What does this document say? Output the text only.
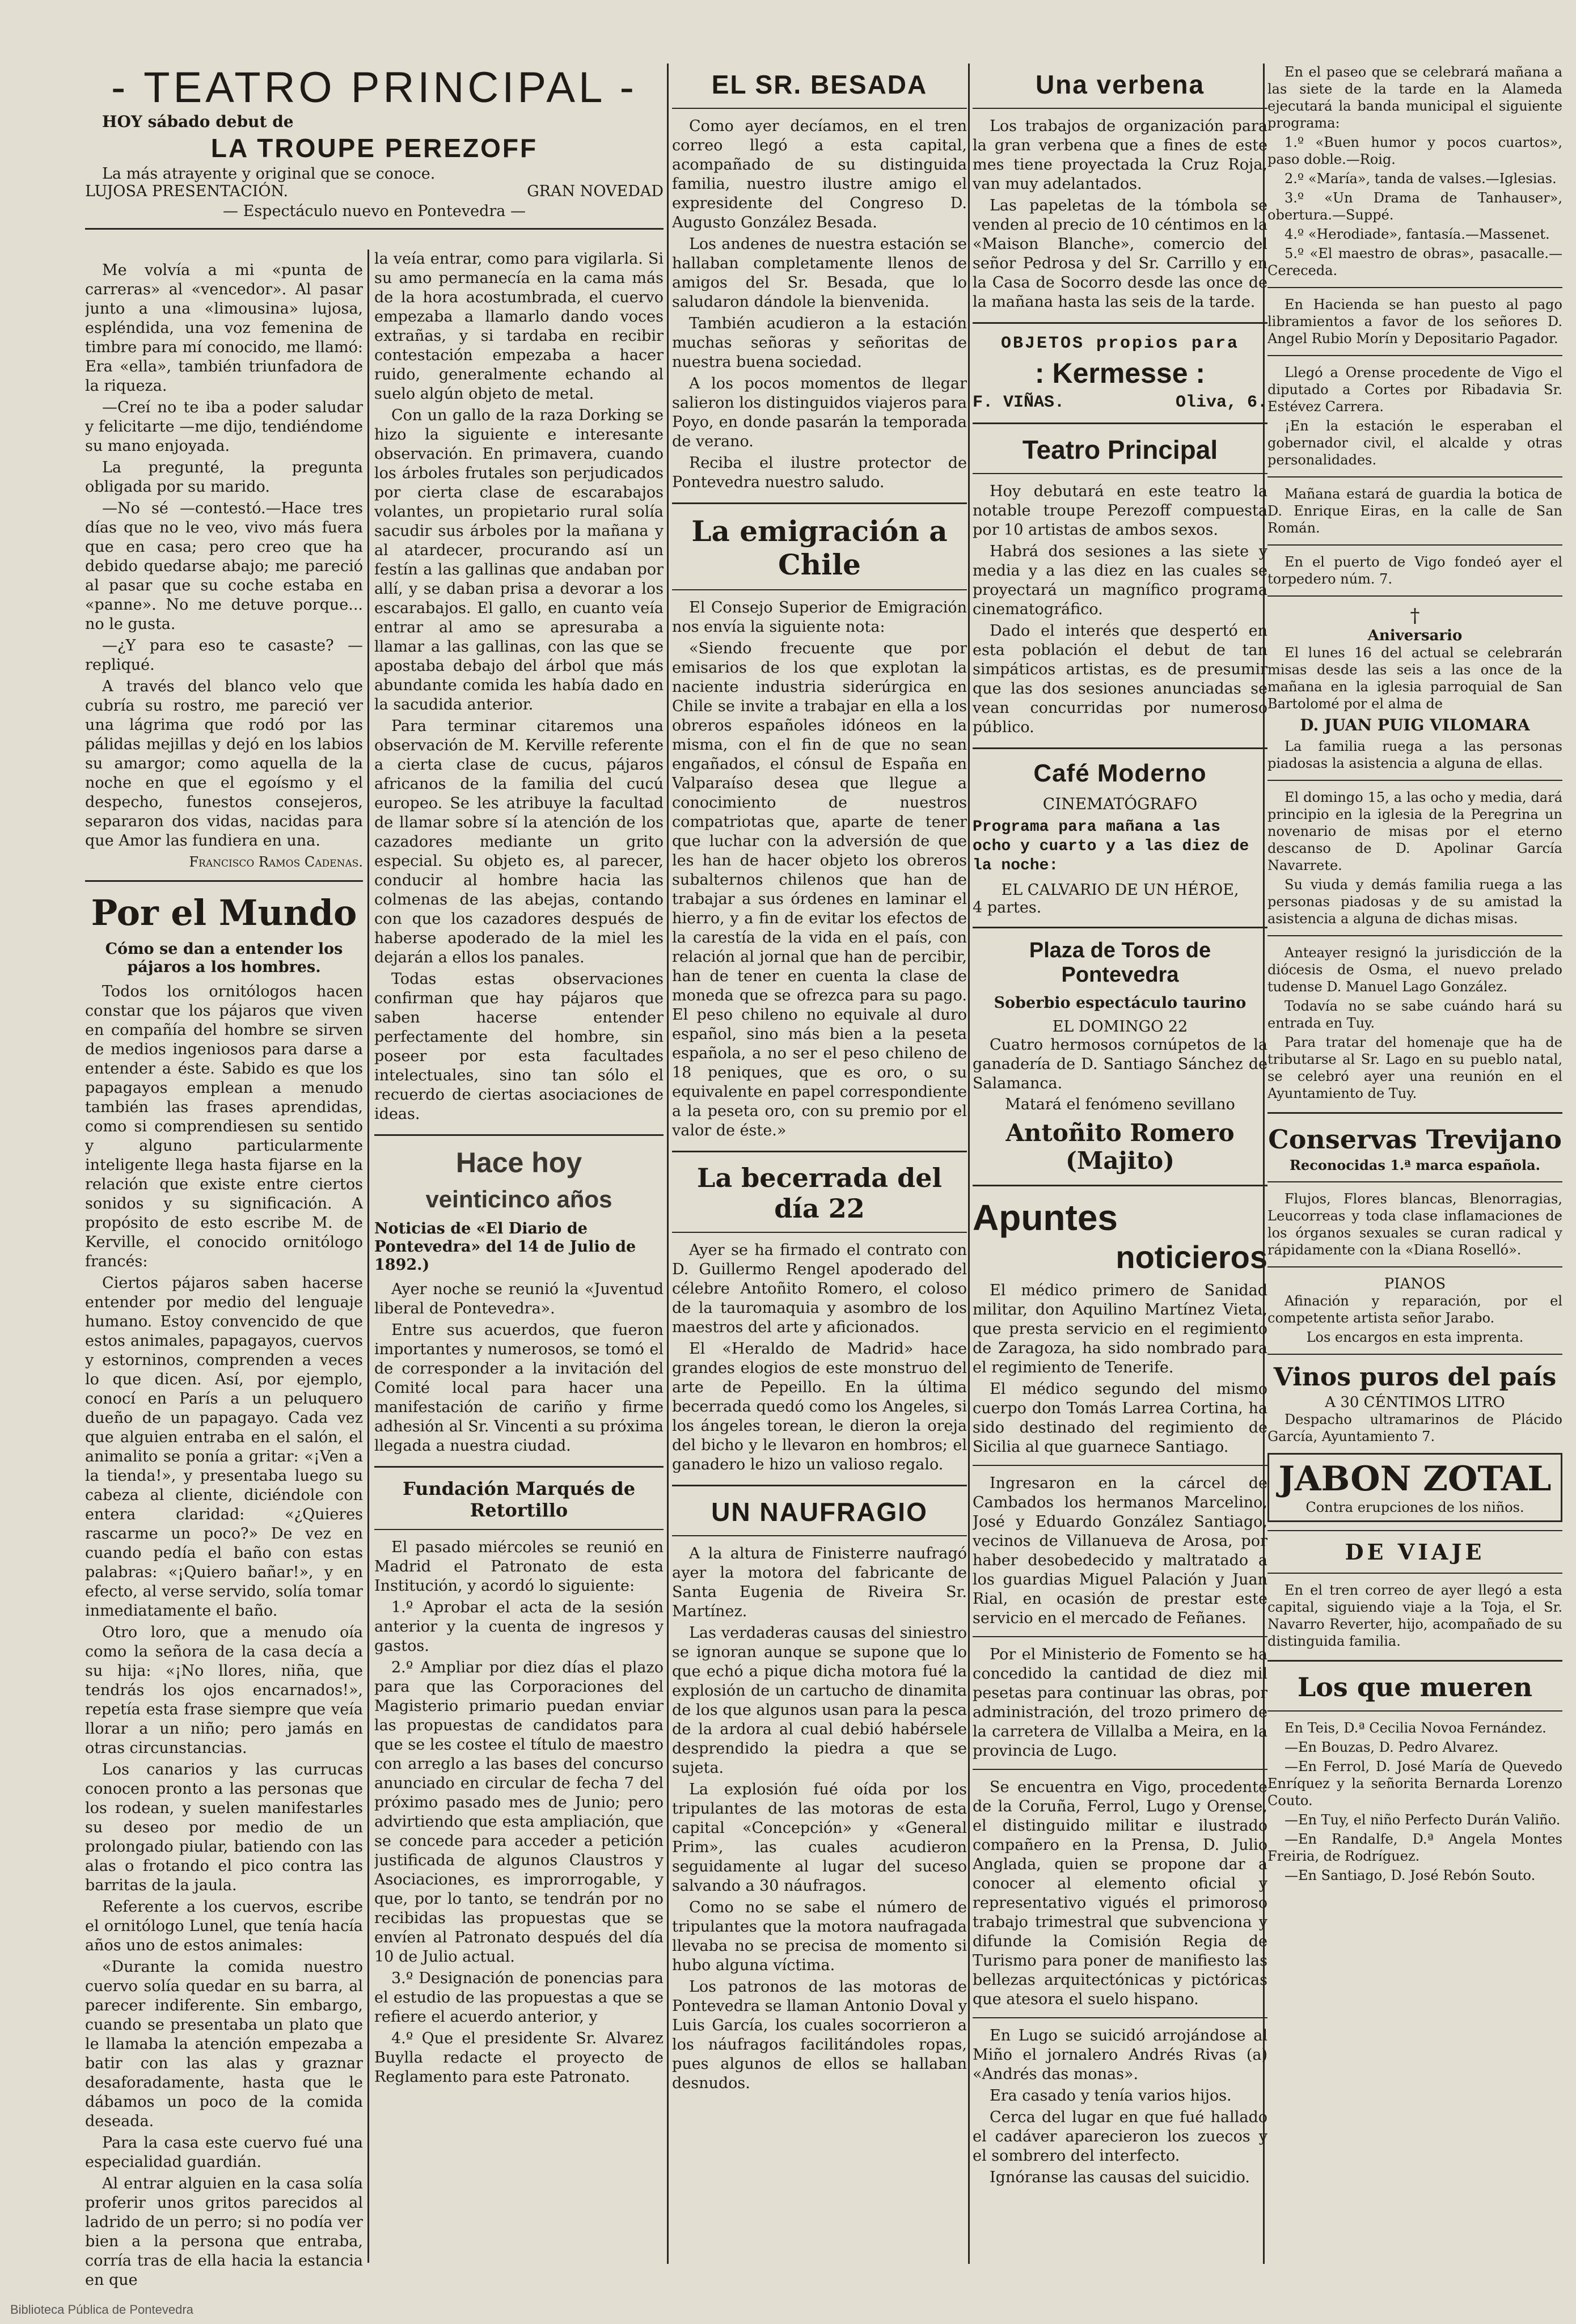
- TEATRO PRINCIPAL -
HOY sábado debut de
LA TROUPE PEREZOFF
La más atrayente y original que se conoce.
LUJOSA PRESENTACIÓN.	GRAN NOVEDAD
— Espectáculo nuevo en Pontevedra —

Me volvía a mi «punta de carreras» al «vencedor». Al pasar junto a una «limousina» lujosa, espléndida, una voz femenina de timbre para mí conocido, me llamó: Era «ella», también triunfadora de la riqueza.

—Creí no te iba a poder saludar y felicitarte —me dijo, tendiéndome su mano enjoyada.

La pregunté, la pregunta obligada por su marido.

—No sé —contestó.—Hace tres días que no le veo, vivo más fuera que en casa; pero creo que ha debido quedarse abajo; me pareció al pasar que su coche estaba en «panne». No me detuve porque... no le gusta.

—¿Y para eso te casaste? —repliqué.

A través del blanco velo que cubría su rostro, me pareció ver una lágrima que rodó por las pálidas mejillas y dejó en los labios su amargor; como aquella de la noche en que el egoísmo y el despecho, funestos consejeros, separaron dos vidas, nacidas para que Amor las fundiera en una.

Francisco Ramos Cadenas.
Por el Mundo
Cómo se dan a entender los pájaros a los hombres.

Todos los ornitólogos hacen constar que los pájaros que viven en compañía del hombre se sirven de medios ingeniosos para darse a entender a éste. Sabido es que los papagayos emplean a menudo también las frases aprendidas, como si comprendiesen su sentido y alguno particularmente inteligente llega hasta fijarse en la relación que existe entre ciertos sonidos y su significación. A propósito de esto escribe M. de Kerville, el conocido ornitólogo francés:

Ciertos pájaros saben hacerse entender por medio del lenguaje humano. Estoy convencido de que estos animales, papagayos, cuervos y estorninos, comprenden a veces lo que dicen. Así, por ejemplo, conocí en París a un peluquero dueño de un papagayo. Cada vez que alguien entraba en el salón, el animalito se ponía a gritar: «¡Ven a la tienda!», y presentaba luego su cabeza al cliente, diciéndole con entera claridad: «¿Quieres rascarme un poco?» De vez en cuando pedía el baño con estas palabras: «¡Quiero bañar!», y en efecto, al verse servido, solía tomar inmediatamente el baño.

Otro loro, que a menudo oía como la señora de la casa decía a su hija: «¡No llores, niña, que tendrás los ojos encarnados!», repetía esta frase siempre que veía llorar a un niño; pero jamás en otras circunstancias.

Los canarios y las currucas conocen pronto a las personas que los rodean, y suelen manifestarles su deseo por medio de un prolongado piular, batiendo con las alas o frotando el pico contra las barritas de la jaula.

Referente a los cuervos, escribe el ornitólogo Lunel, que tenía hacía años uno de estos animales:

«Durante la comida nuestro cuervo solía quedar en su barra, al parecer indiferente. Sin embargo, cuando se presentaba un plato que le llamaba la atención empezaba a batir con las alas y graznar desaforadamente, hasta que le dábamos un poco de la comida deseada.

Para la casa este cuervo fué una especialidad guardián.

Al entrar alguien en la casa solía proferir unos gritos parecidos al ladrido de un perro; si no podía ver bien a la persona que entraba, corría tras de ella hacia la estancia en que

la veía entrar, como para vigilarla. Si su amo permanecía en la cama más de la hora acostumbrada, el cuervo empezaba a llamarlo dando voces extrañas, y si tardaba en recibir contestación empezaba a hacer ruido, generalmente echando al suelo algún objeto de metal.

Con un gallo de la raza Dorking se hizo la siguiente e interesante observación. En primavera, cuando los árboles frutales son perjudicados por cierta clase de escarabajos volantes, un propietario rural solía sacudir sus árboles por la mañana y al atardecer, procurando así un festín a las gallinas que andaban por allí, y se daban prisa a devorar a los escarabajos. El gallo, en cuanto veía entrar al amo se apresuraba a llamar a las gallinas, con las que se apostaba debajo del árbol que más abundante comida les había dado en la sacudida anterior.

Para terminar citaremos una observación de M. Kerville referente a cierta clase de cucus, pájaros africanos de la familia del cucú europeo. Se les atribuye la facultad de llamar sobre sí la atención de los cazadores mediante un grito especial. Su objeto es, al parecer, conducir al hombre hacia las colmenas de las abejas, contando con que los cazadores después de haberse apoderado de la miel les dejarán a ellos los panales.

Todas estas observaciones confirman que hay pájaros que saben hacerse entender perfectamente del hombre, sin poseer por esta facultades intelectuales, sino tan sólo el recuerdo de ciertas asociaciones de ideas.

Hace hoy
veinticinco años
Noticias de «El Diario de Pontevedra» del 14 de Julio de 1892.)

Ayer noche se reunió la «Juventud liberal de Pontevedra».

Entre sus acuerdos, que fueron importantes y numerosos, se tomó el de corresponder a la invitación del Comité local para hacer una manifestación de cariño y firme adhesión al Sr. Vincenti a su próxima llegada a nuestra ciudad.

Fundación Marqués de Retortillo

El pasado miércoles se reunió en Madrid el Patronato de esta Institución, y acordó lo siguiente:

1.º Aprobar el acta de la sesión anterior y la cuenta de ingresos y gastos.

2.º Ampliar por diez días el plazo para que las Corporaciones del Magisterio primario puedan enviar las propuestas de candidatos para que se les costee el título de maestro con arreglo a las bases del concurso anunciado en circular de fecha 7 del próximo pasado mes de Junio; pero advirtiendo que esta ampliación, que se concede para acceder a petición justificada de algunos Claustros y Asociaciones, es improrrogable, y que, por lo tanto, se tendrán por no recibidas las propuestas que se envíen al Patronato después del día 10 de Julio actual.

3.º Designación de ponencias para el estudio de las propuestas a que se refiere el acuerdo anterior, y

4.º Que el presidente Sr. Alvarez Buylla redacte el proyecto de Reglamento para este Patronato.

EL SR. BESADA

Como ayer decíamos, en el tren correo llegó a esta capital, acompañado de su distinguida familia, nuestro ilustre amigo el expresidente del Congreso D. Augusto González Besada.

Los andenes de nuestra estación se hallaban completamente llenos de amigos del Sr. Besada, que lo saludaron dándole la bienvenida.

También acudieron a la estación muchas señoras y señoritas de nuestra buena sociedad.

A los pocos momentos de llegar salieron los distinguidos viajeros para Poyo, en donde pasarán la temporada de verano.

Reciba el ilustre protector de Pontevedra nuestro saludo.

La emigración a Chile

El Consejo Superior de Emigración nos envía la siguiente nota:

«Siendo frecuente que por emisarios de los que explotan la naciente industria siderúrgica en Chile se invite a trabajar en ella a los obreros españoles idóneos en la misma, con el fin de que no sean engañados, el cónsul de España en Valparaíso desea que llegue a conocimiento de nuestros compatriotas que, aparte de tener que luchar con la adversión de que les han de hacer objeto los obreros subalternos chilenos que han de trabajar a sus órdenes en laminar el hierro, y a fin de evitar los efectos de la carestía de la vida en el país, con relación al jornal que han de percibir, han de tener en cuenta la clase de moneda que se ofrezca para su pago. El peso chileno no equivale al duro español, sino más bien a la peseta española, a no ser el peso chileno de 18 peniques, que es oro, o su equivalente en papel correspondiente a la peseta oro, con su premio por el valor de éste.»

La becerrada del día 22

Ayer se ha firmado el contrato con D. Guillermo Rengel apoderado del célebre Antoñito Romero, el coloso de la tauromaquia y asombro de los maestros del arte y aficionados.

El «Heraldo de Madrid» hace grandes elogios de este monstruo del arte de Pepeillo. En la última becerrada quedó como los Angeles, si los ángeles torean, le dieron la oreja del bicho y le llevaron en hombros; el ganadero le hizo un valioso regalo.

UN NAUFRAGIO

A la altura de Finisterre naufragó ayer la motora del fabricante de Santa Eugenia de Riveira Sr. Martínez.

Las verdaderas causas del siniestro se ignoran aunque se supone que lo que echó a pique dicha motora fué la explosión de un cartucho de dinamita de los que algunos usan para la pesca de la ardora al cual debió habérsele desprendido la piedra a que se sujeta.

La explosión fué oída por los tripulantes de las motoras de esta capital «Concepción» y «General Prim», las cuales acudieron seguidamente al lugar del suceso salvando a 30 náufragos.

Como no se sabe el número de tripulantes que la motora naufragada llevaba no se precisa de momento si hubo alguna víctima.

Los patronos de las motoras de Pontevedra se llaman Antonio Doval y Luis García, los cuales socorrieron a los náufragos facilitándoles ropas, pues algunos de ellos se hallaban desnudos.

Una verbena

Los trabajos de organización para la gran verbena que a fines de este mes tiene proyectada la Cruz Roja, van muy adelantados.

Las papeletas de la tómbola se venden al precio de 10 céntimos en la «Maison Blanche», comercio del señor Pedrosa y del Sr. Carrillo y en la Casa de Socorro desde las once de la mañana hasta las seis de la tarde.

OBJETOS propios para
: Kermesse :
F. VIÑAS.	Oliva, 6.
Teatro Principal

Hoy debutará en este teatro la notable troupe Perezoff compuesta por 10 artistas de ambos sexos.

Habrá dos sesiones a las siete y media y a las diez en las cuales se proyectará un magnífico programa cinematográfico.

Dado el interés que despertó en esta población el debut de tan simpáticos artistas, es de presumir que las dos sesiones anunciadas se vean concurridas por numeroso público.

Café Moderno
CINEMATÓGRAFO
Programa para mañana a las ocho y cuarto y a las diez de la noche:
EL CALVARIO DE UN HÉROE,
4 partes.
Plaza de Toros de Pontevedra
Soberbio espectáculo taurino
EL DOMINGO 22

Cuatro hermosos cornúpetos de la ganadería de D. Santiago Sánchez de Salamanca.

Matará el fenómeno sevillano
Antoñito Romero (Majito)
Apuntes
noticieros

El médico primero de Sanidad militar, don Aquilino Martínez Vieta, que presta servicio en el regimiento de Zaragoza, ha sido nombrado para el regimiento de Tenerife.

El médico segundo del mismo cuerpo don Tomás Larrea Cortina, ha sido destinado del regimiento de Sicilia al que guarnece Santiago.

Ingresaron en la cárcel de Cambados los hermanos Marcelino, José y Eduardo González Santiago, vecinos de Villanueva de Arosa, por haber desobedecido y maltratado a los guardias Miguel Palación y Juan Rial, en ocasión de prestar este servicio en el mercado de Feñanes.

Por el Ministerio de Fomento se ha concedido la cantidad de diez mil pesetas para continuar las obras, por administración, del trozo primero de la carretera de Villalba a Meira, en la provincia de Lugo.

Se encuentra en Vigo, procedente de la Coruña, Ferrol, Lugo y Orense, el distinguido militar e ilustrado compañero en la Prensa, D. Julio Anglada, quien se propone dar a conocer al elemento oficial y representativo vigués el primoroso trabajo trimestral que subvenciona y difunde la Comisión Regia de Turismo para poner de manifiesto las bellezas arquitectónicas y pictóricas que atesora el suelo hispano.

En Lugo se suicidó arrojándose al Miño el jornalero Andrés Rivas (a) «Andrés das monas».

Era casado y tenía varios hijos.

Cerca del lugar en que fué hallado el cadáver aparecieron los zuecos y el sombrero del interfecto.

Ignóranse las causas del suicidio.

En el paseo que se celebrará mañana a las siete de la tarde en la Alameda ejecutará la banda municipal el siguiente programa:

1.º «Buen humor y pocos cuartos», paso doble.—Roig.

2.º «María», tanda de valses.—Iglesias.

3.º «Un Drama de Tanhauser», obertura.—Suppé.

4.º «Herodiade», fantasía.—Massenet.

5.º «El maestro de obras», pasacalle.—Cereceda.

En Hacienda se han puesto al pago libramientos a favor de los señores D. Angel Rubio Morín y Depositario Pagador.

Llegó a Orense procedente de Vigo el diputado a Cortes por Ribadavia Sr. Estévez Carrera.

¡En la estación le esperaban el gobernador civil, el alcalde y otras personalidades.

Mañana estará de guardia la botica de D. Enrique Eiras, en la calle de San Román.

En el puerto de Vigo fondeó ayer el torpedero núm. 7.

†
Aniversario

El lunes 16 del actual se celebrarán misas desde las seis a las once de la mañana en la iglesia parroquial de San Bartolomé por el alma de

D. JUAN PUIG VILOMARA

La familia ruega a las personas piadosas la asistencia a alguna de ellas.

El domingo 15, a las ocho y media, dará principio en la iglesia de la Peregrina un novenario de misas por el eterno descanso de D. Apolinar García Navarrete.

Su viuda y demás familia ruega a las personas piadosas y de su amistad la asistencia a alguna de dichas misas.

Anteayer resignó la jurisdicción de la diócesis de Osma, el nuevo prelado tudense D. Manuel Lago González.

Todavía no se sabe cuándo hará su entrada en Tuy.

Para tratar del homenaje que ha de tributarse al Sr. Lago en su pueblo natal, se celebró ayer una reunión en el Ayuntamiento de Tuy.

Conservas Trevijano
Reconocidas 1.ª marca española.

Flujos, Flores blancas, Blenorragias, Leucorreas y toda clase inflamaciones de los órganos sexuales se curan radical y rápidamente con la «Diana Roselló».

PIANOS

Afinación y reparación, por el competente artista señor Jarabo.

Los encargos en esta imprenta.
Vinos puros del país
A 30 CÉNTIMOS LITRO

Despacho ultramarinos de Plácido García, Ayuntamiento 7.

JABON ZOTAL
Contra erupciones de los niños.
DE VIAJE

En el tren correo de ayer llegó a esta capital, siguiendo viaje a la Toja, el Sr. Navarro Reverter, hijo, acompañado de su distinguida familia.

Los que mueren

En Teis, D.ª Cecilia Novoa Fernández.

—En Bouzas, D. Pedro Alvarez.

—En Ferrol, D. José María de Quevedo Enríquez y la señorita Bernarda Lorenzo Couto.

—En Tuy, el niño Perfecto Durán Valiño.

—En Randalfe, D.ª Angela Montes Freiria, de Rodríguez.

—En Santiago, D. José Rebón Souto.

Biblioteca Pública de Pontevedra
